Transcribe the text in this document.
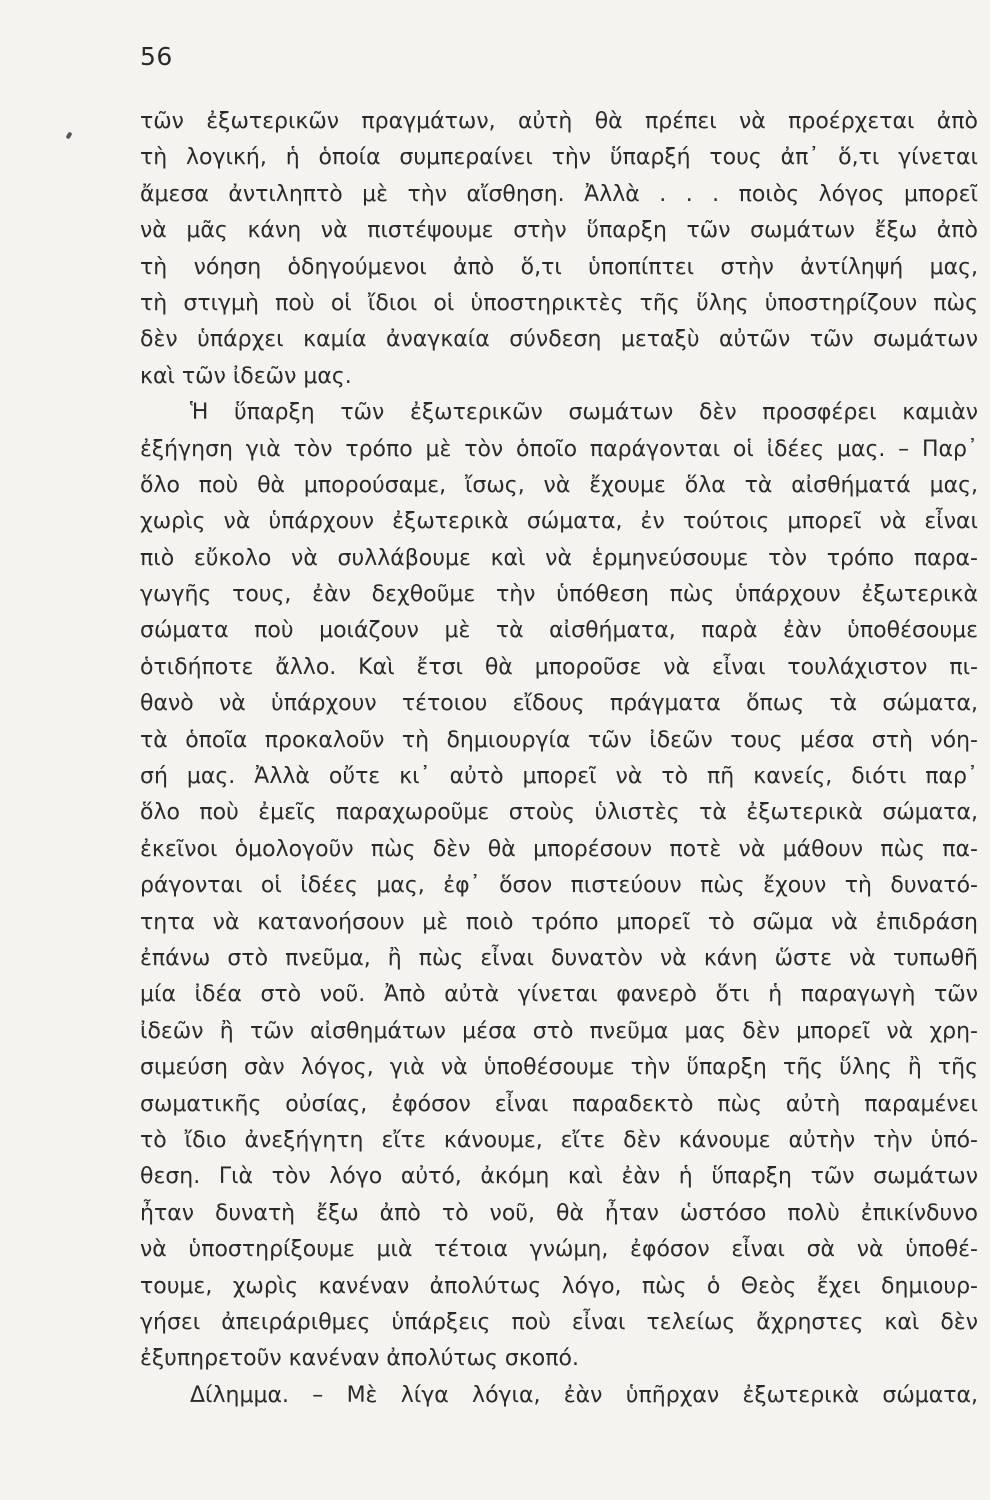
56
τῶν ἐξωτερικῶν πραγμάτων, αὐτὴ θὰ πρέπει νὰ προέρχεται ἀπὸ
τὴ λογική, ἡ ὁποία συμπεραίνει τὴν ὕπαρξή τους ἀπ᾿ ὅ,τι γίνεται
ἄμεσα ἀντιληπτὸ μὲ τὴν αἴσθηση. Ἀλλὰ . . . ποιὸς λόγος μπορεῖ
νὰ μᾶς κάνη νὰ πιστέψουμε στὴν ὕπαρξη τῶν σωμάτων ἔξω ἀπὸ
τὴ νόηση ὁδηγούμενοι ἀπὸ ὅ,τι ὑποπίπτει στὴν ἀντίληψή μας,
τὴ στιγμὴ ποὺ οἱ ἴδιοι οἱ ὑποστηρικτὲς τῆς ὕλης ὑποστηρίζουν πὼς
δὲν ὑπάρχει καμία ἀναγκαία σύνδεση μεταξὺ αὐτῶν τῶν σωμάτων
καὶ τῶν ἰδεῶν μας.
Ἡ ὕπαρξη τῶν ἐξωτερικῶν σωμάτων δὲν προσφέρει καμιὰν
ἐξήγηση γιὰ τὸν τρόπο μὲ τὸν ὁποῖο παράγονται οἱ ἰδέες μας. – Παρ᾿
ὅλο ποὺ θὰ μπορούσαμε, ἴσως, νὰ ἔχουμε ὅλα τὰ αἰσθήματά μας,
χωρὶς νὰ ὑπάρχουν ἐξωτερικὰ σώματα, ἐν τούτοις μπορεῖ νὰ εἶναι
πιὸ εὔκολο νὰ συλλάβουμε καὶ νὰ ἑρμηνεύσουμε τὸν τρόπο παρα-
γωγῆς τους, ἐὰν δεχθοῦμε τὴν ὑπόθεση πὼς ὑπάρχουν ἐξωτερικὰ
σώματα ποὺ μοιάζουν μὲ τὰ αἰσθήματα, παρὰ ἐὰν ὑποθέσουμε
ὁτιδήποτε ἄλλο. Καὶ ἔτσι θὰ μποροῦσε νὰ εἶναι τουλάχιστον πι-
θανὸ νὰ ὑπάρχουν τέτοιου εἴδους πράγματα ὅπως τὰ σώματα,
τὰ ὁποῖα προκαλοῦν τὴ δημιουργία τῶν ἰδεῶν τους μέσα στὴ νόη-
σή μας. Ἀλλὰ οὔτε κι᾿ αὐτὸ μπορεῖ νὰ τὸ πῆ κανείς, διότι παρ᾿
ὅλο ποὺ ἐμεῖς παραχωροῦμε στοὺς ὑλιστὲς τὰ ἐξωτερικὰ σώματα,
ἐκεῖνοι ὁμολογοῦν πὼς δὲν θὰ μπορέσουν ποτὲ νὰ μάθουν πὼς πα-
ράγονται οἱ ἰδέες μας, ἐφ᾿ ὅσον πιστεύουν πὼς ἔχουν τὴ δυνατό-
τητα νὰ κατανοήσουν μὲ ποιὸ τρόπο μπορεῖ τὸ σῶμα νὰ ἐπιδράση
ἐπάνω στὸ πνεῦμα, ἢ πὼς εἶναι δυνατὸν νὰ κάνη ὥστε νὰ τυπωθῆ
μία ἰδέα στὸ νοῦ. Ἀπὸ αὐτὰ γίνεται φανερὸ ὅτι ἡ παραγωγὴ τῶν
ἰδεῶν ἢ τῶν αἰσθημάτων μέσα στὸ πνεῦμα μας δὲν μπορεῖ νὰ χρη-
σιμεύση σὰν λόγος, γιὰ νὰ ὑποθέσουμε τὴν ὕπαρξη τῆς ὕλης ἢ τῆς
σωματικῆς οὐσίας, ἐφόσον εἶναι παραδεκτὸ πὼς αὐτὴ παραμένει
τὸ ἴδιο ἀνεξήγητη εἴτε κάνουμε, εἴτε δὲν κάνουμε αὐτὴν τὴν ὑπό-
θεση. Γιὰ τὸν λόγο αὐτό, ἀκόμη καὶ ἐὰν ἡ ὕπαρξη τῶν σωμάτων
ἦταν δυνατὴ ἔξω ἀπὸ τὸ νοῦ, θὰ ἦταν ὡστόσο πολὺ ἐπικίνδυνο
νὰ ὑποστηρίξουμε μιὰ τέτοια γνώμη, ἐφόσον εἶναι σὰ νὰ ὑποθέ-
τουμε, χωρὶς κανέναν ἀπολύτως λόγο, πὼς ὁ Θεὸς ἔχει δημιουρ-
γήσει ἀπειράριθμες ὑπάρξεις ποὺ εἶναι τελείως ἄχρηστες καὶ δὲν
ἐξυπηρετοῦν κανέναν ἀπολύτως σκοπό.
Δίλημμα. – Μὲ λίγα λόγια, ἐὰν ὑπῆρχαν ἐξωτερικὰ σώματα,
